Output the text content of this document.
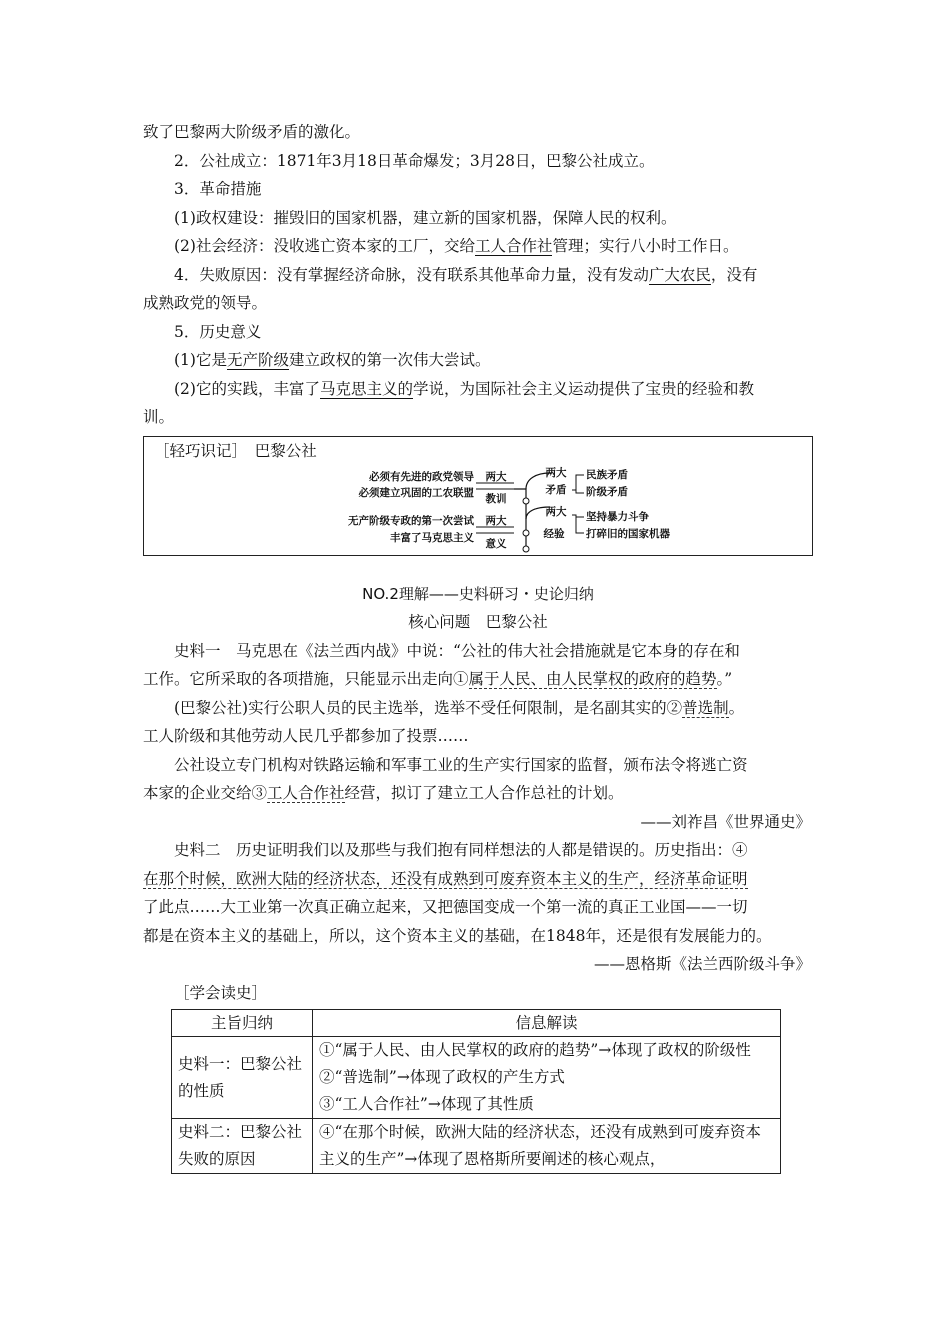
致了巴黎两大阶级矛盾的激化。
2．公社成立：1871年3月18日革命爆发；3月28日，巴黎公社成立。
3．革命措施
(1)政权建设：摧毁旧的国家机器，建立新的国家机器，保障人民的权利。
(2)社会经济：没收逃亡资本家的工厂，交给工人合作社管理；实行八小时工作日。
4．失败原因：没有掌握经济命脉，没有联系其他革命力量，没有发动广大农民，没有
成熟政党的领导。
5．历史意义
(1)它是无产阶级建立政权的第一次伟大尝试。
(2)它的实践，丰富了马克思主义的学说，为国际社会主义运动提供了宝贵的经验和教
训。
［轻巧识记］　巴黎公社
必须有先进的政党领导
必须建立巩固的工农联盟
无产阶级专政的第一次尝试
丰富了马克思主义
两大
教训
两大
意义
两大
矛盾
两大
经验
民族矛盾
阶级矛盾
坚持暴力斗争
打碎旧的国家机器
NO.2理解——史料研习・史论归纳
核心问题　巴黎公社
史料一　马克思在《法兰西内战》中说：“公社的伟大社会措施就是它本身的存在和
工作。它所采取的各项措施，只能显示出走向①属于人民、由人民掌权的政府的趋势。”
(巴黎公社)实行公职人员的民主选举，选举不受任何限制，是名副其实的②普选制。
工人阶级和其他劳动人民几乎都参加了投票……
公社设立专门机构对铁路运输和军事工业的生产实行国家的监督，颁布法令将逃亡资
本家的企业交给③工人合作社经营，拟订了建立工人合作总社的计划。
——刘祚昌《世界通史》
史料二　历史证明我们以及那些与我们抱有同样想法的人都是错误的。历史指出：④
在那个时候，欧洲大陆的经济状态，还没有成熟到可废弃资本主义的生产，经济革命证明
了此点……大工业第一次真正确立起来，又把德国变成一个第一流的真正工业国——一切
都是在资本主义的基础上，所以，这个资本主义的基础，在1848年，还是很有发展能力的。
——恩格斯《法兰西阶级斗争》
［学会读史］
主旨归纳	信息解读

史料一：巴黎公社的性质	①“属于人民、由人民掌权的政府的趋势”→体现了政权的阶级性
②“普选制”→体现了政权的产生方式
③“工人合作社”→体现了其性质

史料二：巴黎公社失败的原因	④“在那个时候，欧洲大陆的经济状态，还没有成熟到可废弃资本主义的生产”→体现了恩格斯所要阐述的核心观点，
